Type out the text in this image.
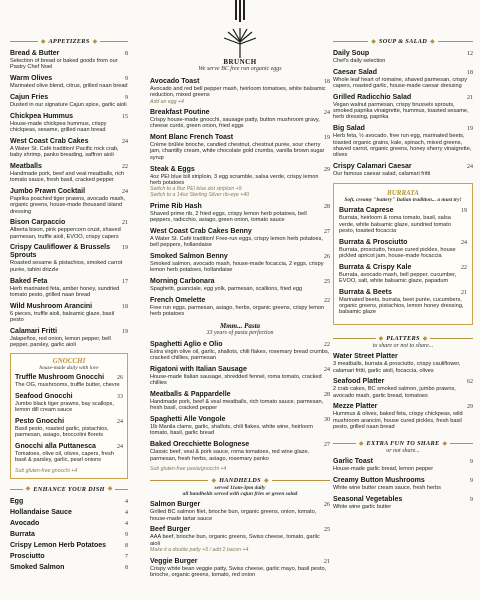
◆ APPETIZERS ◆
Bread & Butter	8
Selection of bread or baked goods from our Pastry Chef Noel
Warm Olives	9
Marinated olive blend, citrus, grilled naan bread
Cajun Fries	9
Dusted in our signature Cajun spice, garlic aioli
Chickpea Hummus	15
House-made chickpea hummus, crispy chickpeas, sesame, grilled naan bread
West Coast Crab Cakes	24
A Water St. Café tradition! Pacific rock crab, baby shrimp, panko breading, saffron aioli
Meatballs	22
Handmade pork, beef and veal meatballs, rich tomato sauce, fresh basil, cracked pepper
Jumbo Prawn Cocktail	24
Paprika poached tiger prawns, avocado mash, organic greens, house-made thousand island dressing
Bison Carpaccio	21
Alberta bison, pink peppercorn crust, shaved parmesan, truffle aioli, EVOO, crispy capers
Crispy Cauliflower & Brussels Sprouts
19
Roasted sesame & pistachios, smoked carrot purée, tahini drizzle
Baked Feta	17
Herb marinated feta, amber honey, sundried tomato pesto, grilled naan bread
Wild Mushroom Arancini	18
6 pieces, truffle aioli, balsamic glaze, basil pesto
Calamari Fritti	19
Jalapeños, red onion, lemon pepper, bell pepper, parsley, garlic aioli
GNOCCHI
house-made daily with love
Truffle Mushroom Gnocchi 26
The OG, mushrooms, truffle butter, chevre
Seafood Gnocchi	33
Jumbo black tiger prawns, bay scallops, lemon dill cream sauce
Pesto Gnocchi	24
Basil pesto, roasted garlic, pistachios, parmesan, asiago, broccolini florets
Gnocchi alla Puttanesca	24
Tomatoes, olive oil, olives, capers, fresh basil & parsley, garlic, pearl onions
Sub gluten-free gnocchi +4
◆ ENHANCE YOUR DISH ◆
Egg	4
Hollandaise Sauce	4
Avocado	4
Burrata	9
Crispy Lemon Herb Potatoes	8
Prosciutto	7
Smoked Salmon	8
BRUNCH
We serve BC free run organic eggs
Avocado Toast	18
Avocado and red bell pepper mash, heirloom tomatoes, white balsamic reduction, mixed greens
Add an egg +4
Breakfast Poutine	24
Crispy house-made gnocchi, sausage patty, button mushroom gravy, cheese curds, green onion, fried eggs
Mont Blanc French Toast	19
Crème brûlée brioche, candied chestnut, chestnut purée, sour cherry jam, chantilly cream, white chocolate gold crumbs, vanilla brown sugar syrup
Steak & Eggs	29
4oz PEI blue bill striploin, 3 egg scramble, salsa verde, crispy lemon herb potatoes
Switch to a 8oz PEI blue dot striploin +9
Switch to a 14oz Sterling Silver rib-eye +40
Prime Rib Hash	28
Shaved prime rib, 2 fried eggs, crispy lemon herb potatoes, bell peppers, radicchio, asiago, green onion, tomato sauce
West Coast Crab Cakes Benny	27
A Water St. Café tradition! Free-run eggs, crispy lemon herb potatoes, bell peppers, hollandaise
Smoked Salmon Benny	26
Smoked salmon, avocado mash, house-made focaccia, 2 eggs, crispy lemon herb potatoes, hollandaise
Morning Carbonara	25
Spaghetti, guanciale, egg yolk, parmesan, scallions, fried egg
French Omelette	22
Free run eggs, parmesan, asiago, herbs, organic greens, crispy lemon herb potatoes
Mmm... Pasta
33 years of pasta perfection
Spaghetti Aglio e Olio	22
Extra virgin olive oil, garlic, shallots, chili flakes, rosemary bread crumbs, cracked chillies, parmesan
Rigatoni with Italian Sausage	24
House-made Italian sausage, shredded fennel, roma tomato, cracked chillies
Meatballs & Pappardelle	28
Handmade pork, beef & veal meatballs, rich tomato sauce, parmesan, fresh basil, cracked pepper
Spaghetti Alle Vongole	30
1lb Manila clams, garlic, shallots, chili flakes, white wine, heirloom tomato, basil, garlic bread
Baked Orecchiette Bolognese	27
Classic beef, veal & pork sauce, roma tomatoes, red wine glaze, parmesan, fresh herbs, asiago, rosemary panko
Sub gluten-free pasta/gnocchi +4
◆ HANDHELDS ◆
served 11am-3pm daily
all handhelds served with cajun fries or green salad
Salmon Burger	26
Grilled BC salmon filet, brioche bun, organic greens, onion, tomato, house-made tartar sauce
Beef Burger	25
AAA beef, brioche bun, organic greens, Swiss cheese, tomato, garlic aioli
Make it a double patty +5 / add 2 bacon +4
Veggie Burger	21
Crispy white bean veggie patty, Swiss cheese, garlic mayo, basil pesto, brioche, organic greens, tomato, red onion
◆ SOUP & SALAD ◆
Daily Soup	12
Chef's daily selection
Caesar Salad	18
Whole leaf heart of romaine, shaved parmesan, crispy capers, roasted garlic, house-made caesar dressing
Grilled Radicchio Salad	21
Vegan walnut parmesan, crispy brussels sprouts, smoked paprika vinaigrette, hummus, toasted sesame, herb dressing, paprika
Big Salad	19
Herb feta, ½ avocado, free run egg, marinated beets, toasted organic grains, kale, spinach, mixed greens, shaved carrot, organic greens, honey sherry vinaigrette, olives
Crispy Calamari Caesar	24
Our famous caesar salad, calamari fritti
BURRATA
Soft, creamy "buttery" Italian tradition... a must try!
Burrata Caprese	19
Burrata, heirloom & roma tomato, basil, salsa verde, white balsamic glaze, sundried tomato pesto, toasted focaccia
Burrata & Prosciutto	24
Burrata, prosciutto, house cured pickles, house pickled apricot jam, house-made focaccia
Burrata & Crispy Kale	22
Burrata, avocado mash, bell pepper, cucumber, EVOO, salt, white balsamic glaze, papadum
Burrata & Beets	21
Marinated beets, burrata, beet purée, cucumbers, organic greens, pistachios, lemon honey dressing, balsamic glaze
◆ PLATTERS ◆
to share or not to share...
Water Street Platter
3 meatballs, burrata & prosciutto, crispy cauliflower, calamari fritti, garlic aioli, focaccia, olives
Seafood Platter	62
2 crab cakes, BC smoked salmon, jumbo prawns, avocado mash, garlic bread, tomatoes
Mezze Platter	29
Hummus & olives, baked feta, crispy chickpeas, wild mushroom arancini, house cured pickles, fresh basil pesto, grilled naan bread
◆ EXTRA FUN TO SHARE ◆
or not share...
Garlic Toast	9
House-made garlic bread, lemon pepper
Creamy Button Mushrooms	9
White wine butter cream sauce, fresh herbs
Seasonal Vegetables	9
White wine garlic butter
